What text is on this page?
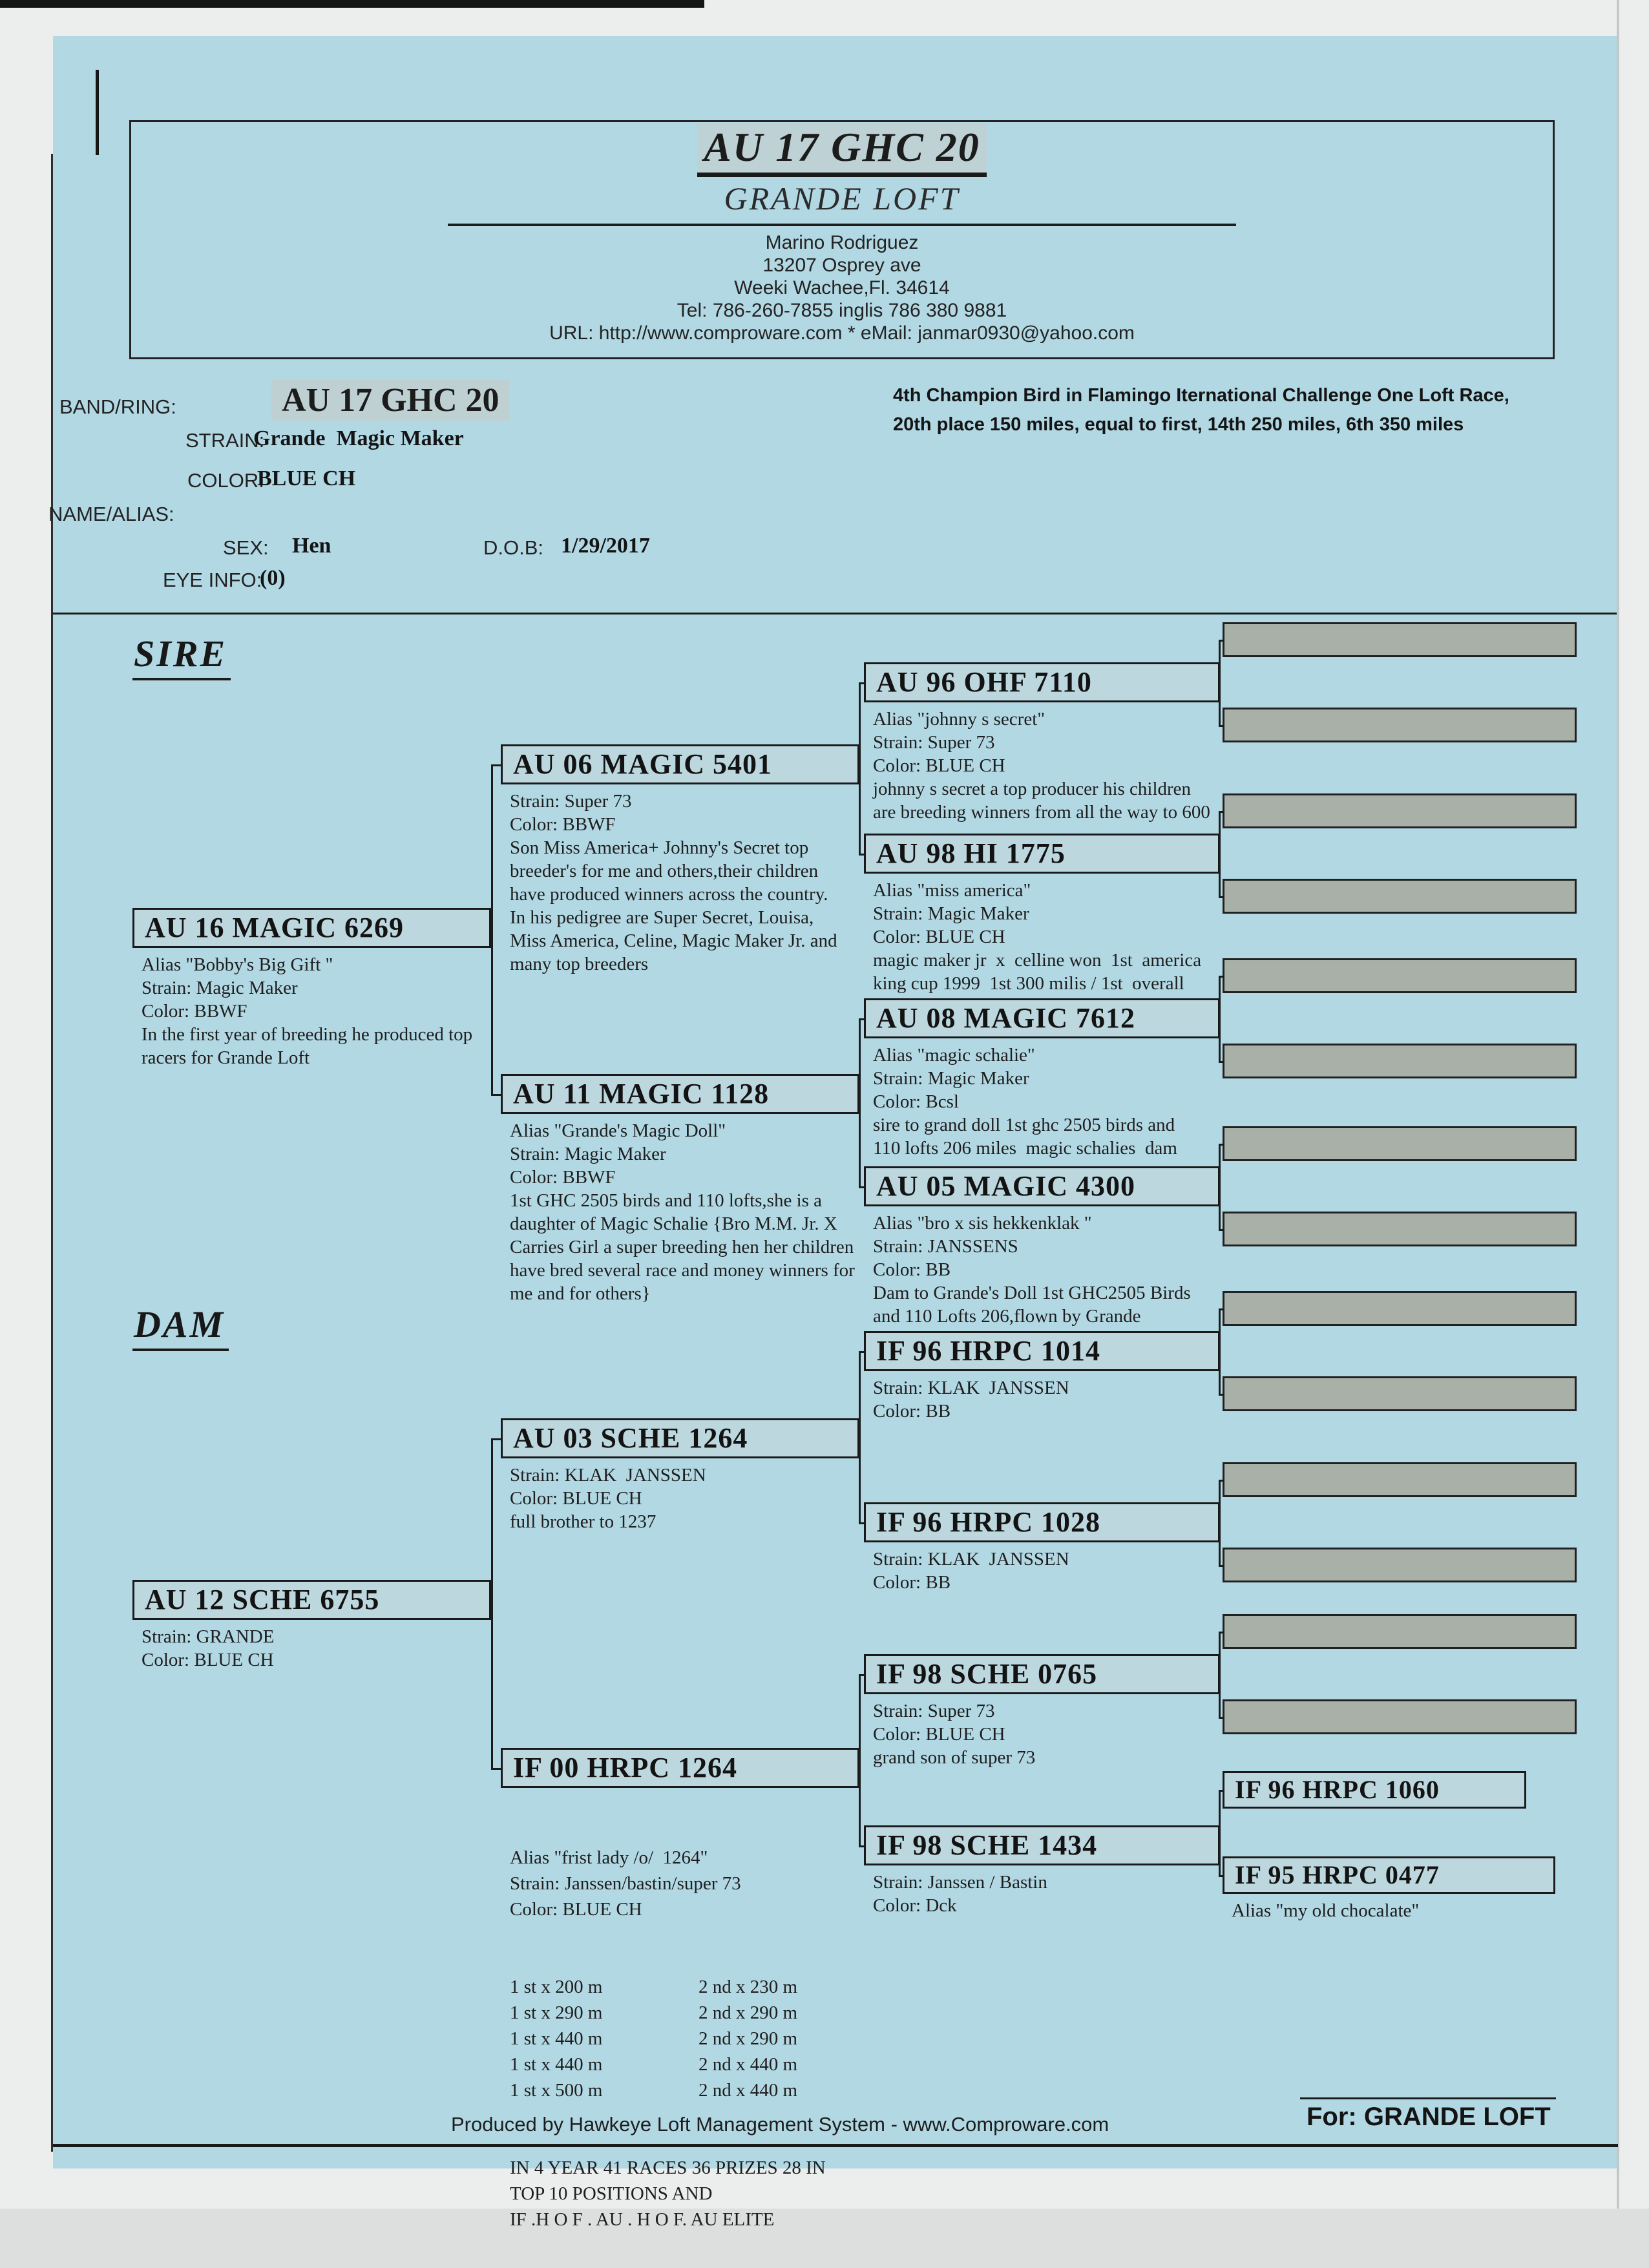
AU 17 GHC 20
GRANDE LOFT
Marino Rodriguez
13207 Osprey ave
Weeki Wachee,Fl. 34614
Tel: 786-260-7855 inglis 786 380 9881
URL: http://www.comproware.com * eMail: janmar0930@yahoo.com
BAND/RING:	AU 17 GHC 20	4th Champion Bird in Flamingo Iternational Challenge One Loft Race,
20th place 150 miles, equal to first, 14th 250 miles, 6th 350 miles
STRAIN:
Grande  Magic Maker
COLOR:
BLUE CH
NAME/ALIAS:
SEX: Hen	D.O.B: 1/29/2017
EYE INFO:
(0)
SIRE
DAM
AU 16 MAGIC 6269
Alias "Bobby's Big Gift "
Strain: Magic Maker
Color: BBWF
In the first year of breeding he produced top
racers for Grande Loft
AU 12 SCHE 6755
Strain: GRANDE
Color: BLUE CH
AU 06 MAGIC 5401
Strain: Super 73
Color: BBWF
Son Miss America+ Johnny's Secret top
breeder's for me and others,their children
have produced winners across the country.
In his pedigree are Super Secret, Louisa,
Miss America, Celine, Magic Maker Jr. and
many top breeders
AU 11 MAGIC 1128
Alias "Grande's Magic Doll"
Strain: Magic Maker
Color: BBWF
1st GHC 2505 birds and 110 lofts,she is a
daughter of Magic Schalie {Bro M.M. Jr. X
Carries Girl a super breeding hen her children
have bred several race and money winners for
me and for others}
AU 03 SCHE 1264
Strain: KLAK  JANSSEN
Color: BLUE CH
full brother to 1237
IF 00 HRPC 1264

Alias "frist lady /o/  1264"
Strain: Janssen/bastin/super 73
Color: BLUE CH

1 st x 200 m	2 nd x 230 m
1 st x 290 m	2 nd x 290 m
1 st x 440 m	2 nd x 290 m
1 st x 440 m	2 nd x 440 m
1 st x 500 m	2 nd x 440 m

IN 4 YEAR 41 RACES 36 PRIZES 28 IN
TOP 10 POSITIONS AND
IF .H O F . AU . H O F. AU ELITE

AU 96 OHF 7110
Alias "johnny s secret"
Strain: Super 73
Color: BLUE CH
johnny s secret a top producer his children
are breeding winners from all the way to 600
AU 98 HI 1775
Alias "miss america"
Strain: Magic Maker
Color: BLUE CH
magic maker jr  x  celline won  1st  america
king cup 1999  1st 300 milis / 1st  overall
AU 08 MAGIC 7612
Alias "magic schalie"
Strain: Magic Maker
Color: Bcsl
sire to grand doll 1st ghc 2505 birds and
110 lofts 206 miles  magic schalies  dam
AU 05 MAGIC 4300
Alias "bro x sis hekkenklak "
Strain: JANSSENS
Color: BB
Dam to Grande's Doll 1st GHC2505 Birds
and 110 Lofts 206,flown by Grande
IF 96 HRPC 1014
Strain: KLAK  JANSSEN
Color: BB
IF 96 HRPC 1028
Strain: KLAK  JANSSEN
Color: BB
IF 98 SCHE 0765
Strain: Super 73
Color: BLUE CH
grand son of super 73
IF 98 SCHE 1434
Strain: Janssen / Bastin
Color: Dck
IF 96 HRPC 1060
IF 95 HRPC 0477
Alias "my old chocalate"
Produced by Hawkeye Loft Management System - www.Comproware.com	For: GRANDE LOFT
